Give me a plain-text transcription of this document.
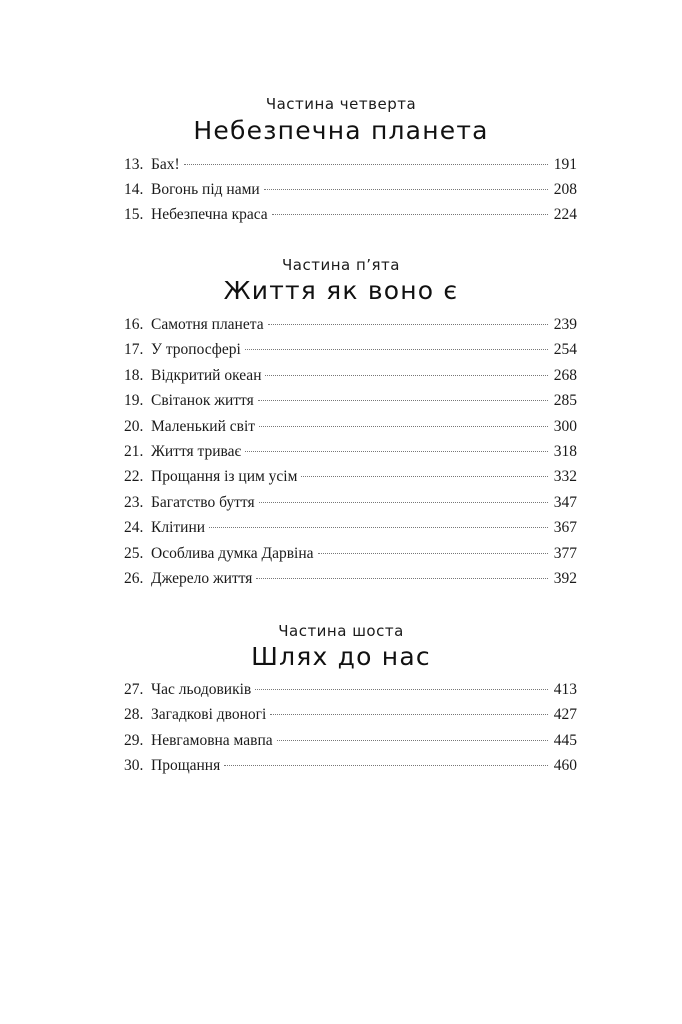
Частина четверта
Небезпечна планета
13. Бах!	191
14. Вогонь під нами	208
15. Небезпечна краса	224
Частина п’ята
Життя як воно є
16. Самотня планета	239
17. У тропосфері	254
18. Відкритий океан	268
19. Світанок життя	285
20. Маленький світ	300
21. Життя триває	318
22. Прощання із цим усім	332
23. Багатство буття	347
24. Клітини	367
25. Особлива думка Дарвіна	377
26. Джерело життя	392
Частина шоста
Шлях до нас
27. Час льодовиків	413
28. Загадкові двоногі	427
29. Невгамовна мавпа	445
30. Прощання	460
